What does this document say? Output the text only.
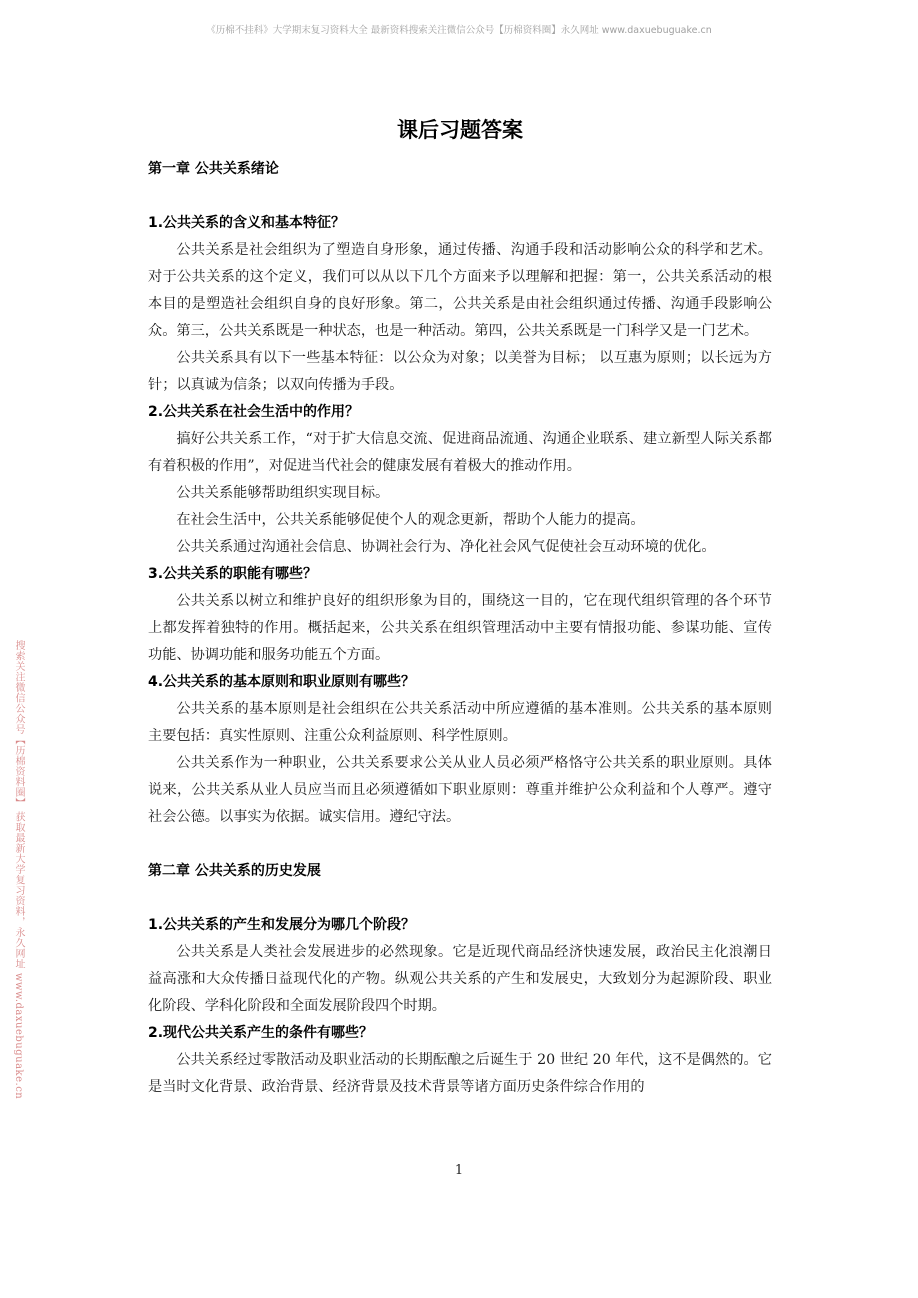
《历棉不挂科》大学期末复习资料大全 最新资料搜索关注微信公众号【历棉资料圈】永久网址 www.daxuebuguake.cn
搜索关注微信公众号【历棉资料圈】 获取最新大学复习资料，永久网址 www.daxuebuguake.cn
课后习题答案
第一章 公共关系绪论
1.公共关系的含义和基本特征？

公共关系是社会组织为了塑造自身形象，通过传播、沟通手段和活动影响公众的科学和艺术。对于公共关系的这个定义，我们可以从以下几个方面来予以理解和把握：第一，公共关系活动的根本目的是塑造社会组织自身的良好形象。第二，公共关系是由社会组织通过传播、沟通手段影响公众。第三，公共关系既是一种状态，也是一种活动。第四，公共关系既是一门科学又是一门艺术。

公共关系具有以下一些基本特征：以公众为对象；以美誉为目标； 以互惠为原则；以长远为方针；以真诚为信条；以双向传播为手段。

2.公共关系在社会生活中的作用？

搞好公共关系工作，“对于扩大信息交流、促进商品流通、沟通企业联系、建立新型人际关系都有着积极的作用”，对促进当代社会的健康发展有着极大的推动作用。

公共关系能够帮助组织实现目标。

在社会生活中，公共关系能够促使个人的观念更新，帮助个人能力的提高。

公共关系通过沟通社会信息、协调社会行为、净化社会风气促使社会互动环境的优化。

3.公共关系的职能有哪些？

公共关系以树立和维护良好的组织形象为目的，围绕这一目的，它在现代组织管理的各个环节上都发挥着独特的作用。概括起来，公共关系在组织管理活动中主要有情报功能、参谋功能、宣传功能、协调功能和服务功能五个方面。

4.公共关系的基本原则和职业原则有哪些？

公共关系的基本原则是社会组织在公共关系活动中所应遵循的基本准则。公共关系的基本原则主要包括：真实性原则、注重公众利益原则、科学性原则。

公共关系作为一种职业，公共关系要求公关从业人员必须严格恪守公共关系的职业原则。具体说来，公共关系从业人员应当而且必须遵循如下职业原则：尊重并维护公众利益和个人尊严。遵守社会公德。以事实为依据。诚实信用。遵纪守法。

第二章 公共关系的历史发展
1.公共关系的产生和发展分为哪几个阶段？

公共关系是人类社会发展进步的必然现象。它是近现代商品经济快速发展，政治民主化浪潮日益高涨和大众传播日益现代化的产物。纵观公共关系的产生和发展史，大致划分为起源阶段、职业化阶段、学科化阶段和全面发展阶段四个时期。

2.现代公共关系产生的条件有哪些？

公共关系经过零散活动及职业活动的长期酝酿之后诞生于 20 世纪 20 年代，这不是偶然的。它是当时文化背景、政治背景、经济背景及技术背景等诸方面历史条件综合作用的

1
